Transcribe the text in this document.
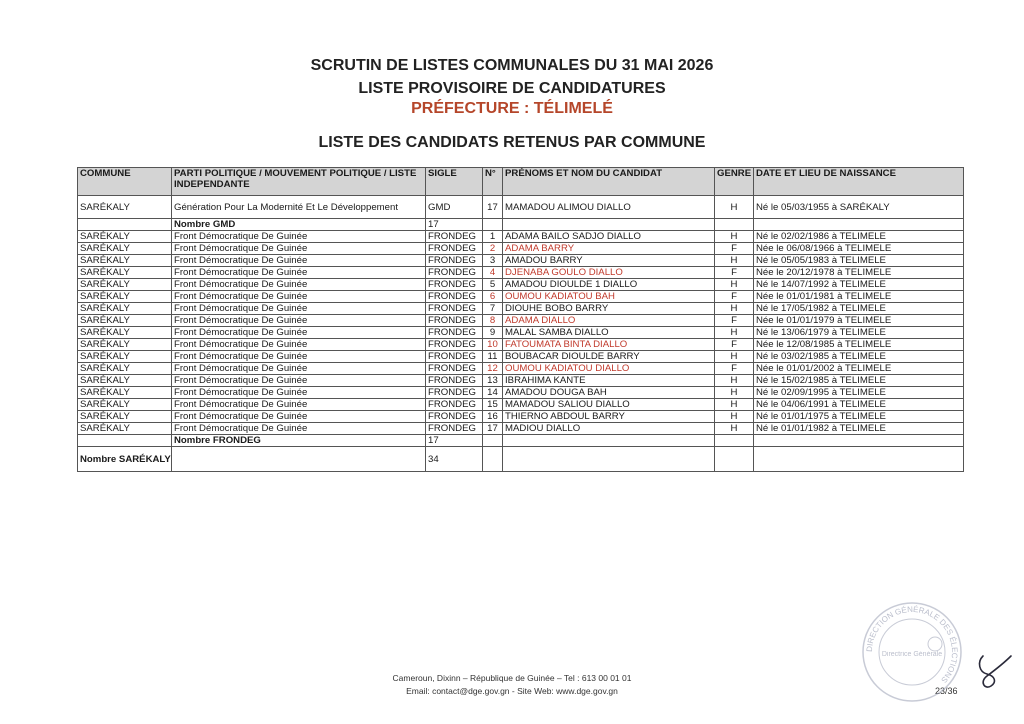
SCRUTIN DE LISTES COMMUNALES DU 31 MAI 2026
LISTE PROVISOIRE DE CANDIDATURES
PRÉFECTURE : TÉLIMELÉ
LISTE DES CANDIDATS RETENUS PAR COMMUNE
COMMUNE	PARTI POLITIQUE / MOUVEMENT POLITIQUE / LISTE INDEPENDANTE	SIGLE	N°	PRÉNOMS ET NOM DU CANDIDAT	GENRE	DATE ET LIEU DE NAISSANCE
SARÉKALY	Génération Pour La Modernité Et Le Développement	GMD	17	MAMADOU ALIMOU DIALLO	H	Né le 05/03/1955 à SARÉKALY
	Nombre GMD	17				
SARÉKALY	Front Démocratique De Guinée	FRONDEG	1	ADAMA BAILO SADJO DIALLO	H	Né le 02/02/1986 à TELIMELE
SARÉKALY	Front Démocratique De Guinée	FRONDEG	2	ADAMA BARRY	F	Née le 06/08/1966 à TELIMELE
SARÉKALY	Front Démocratique De Guinée	FRONDEG	3	AMADOU BARRY	H	Né le 05/05/1983 à TELIMELE
SARÉKALY	Front Démocratique De Guinée	FRONDEG	4	DJENABA GOULO DIALLO	F	Née le 20/12/1978 à TELIMELE
SARÉKALY	Front Démocratique De Guinée	FRONDEG	5	AMADOU DIOULDE 1 DIALLO	H	Né le 14/07/1992 à TELIMELE
SARÉKALY	Front Démocratique De Guinée	FRONDEG	6	OUMOU KADIATOU BAH	F	Née le 01/01/1981 à TELIMELE
SARÉKALY	Front Démocratique De Guinée	FRONDEG	7	DIOUHE BOBO BARRY	H	Né le 17/05/1982 à TELIMELE
SARÉKALY	Front Démocratique De Guinée	FRONDEG	8	ADAMA DIALLO	F	Née le 01/01/1979 à TELIMELE
SARÉKALY	Front Démocratique De Guinée	FRONDEG	9	MALAL SAMBA DIALLO	H	Né le 13/06/1979 à TELIMELE
SARÉKALY	Front Démocratique De Guinée	FRONDEG	10	FATOUMATA BINTA DIALLO	F	Née le 12/08/1985 à TELIMELE
SARÉKALY	Front Démocratique De Guinée	FRONDEG	11	BOUBACAR DIOULDE BARRY	H	Né le 03/02/1985 à TELIMELE
SARÉKALY	Front Démocratique De Guinée	FRONDEG	12	OUMOU KADIATOU DIALLO	F	Née le 01/01/2002 à TELIMELE
SARÉKALY	Front Démocratique De Guinée	FRONDEG	13	IBRAHIMA KANTE	H	Né le 15/02/1985 à TELIMELE
SARÉKALY	Front Démocratique De Guinée	FRONDEG	14	AMADOU DOUGA BAH	H	Né le 02/09/1995 à TELIMELE
SARÉKALY	Front Démocratique De Guinée	FRONDEG	15	MAMADOU SALIOU DIALLO	H	Né le 04/06/1991 à TELIMELE
SARÉKALY	Front Démocratique De Guinée	FRONDEG	16	THIERNO ABDOUL BARRY	H	Né le 01/01/1975 à TELIMELE
SARÉKALY	Front Démocratique De Guinée	FRONDEG	17	MADIOU DIALLO	H	Né le 01/01/1982 à TELIMELE
	Nombre FRONDEG	17				
Nombre SARÉKALY		34				
Cameroun, Dixinn – République de Guinée – Tel : 613 00 01 01
Email: contact@dge.gov.gn - Site Web: www.dge.gov.gn	23/36
DIRECTION GÉNÉRALE DES ÉLECTIONS
Directrice Générale
